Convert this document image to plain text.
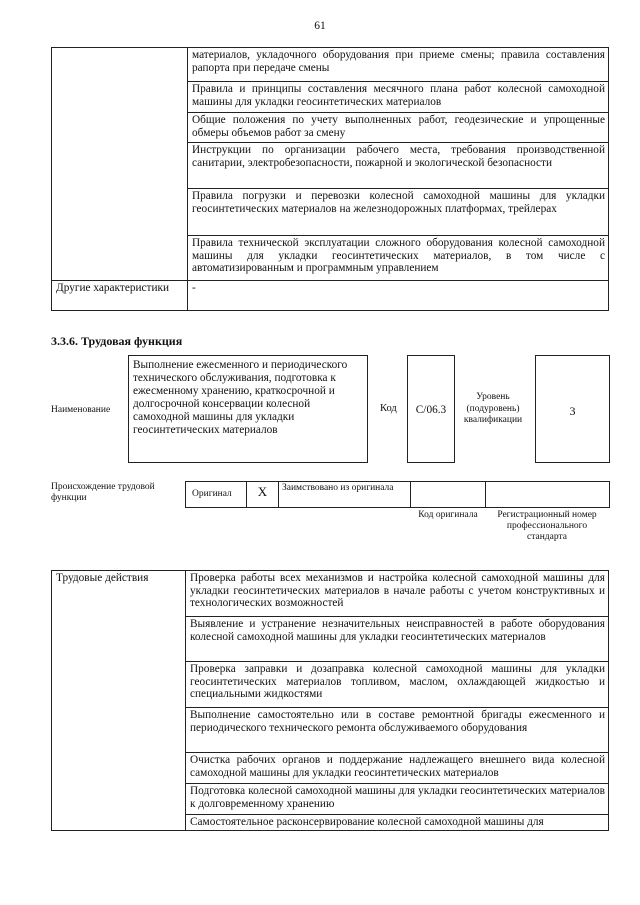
61
	материалов, укладочного оборудования при приеме смены; правила составления рапорта при передаче смены
	Правила и принципы составления месячного плана работ колесной самоходной машины для укладки геосинтетических материалов
	Общие положения по учету выполненных работ, геодезические и упрощенные обмеры объемов работ за смену
	Инструкции по организации рабочего места, требования производственной санитарии, электробезопасности, пожарной и экологической безопасности
	Правила погрузки и перевозки колесной самоходной машины для укладки геосинтетических материалов на железнодорожных платформах, трейлерах
	Правила технической эксплуатации сложного оборудования колесной самоходной машины для укладки геосинтетических материалов, в том числе с автоматизированным и программным управлением
Другие характеристики	-
3.3.6. Трудовая функция
Наименование
Выполнение ежесменного и периодического технического обслуживания, подготовка к ежесменному хранению, краткосрочной и долгосрочной консервации колесной самоходной машины для укладки геосинтетических материалов
Код	C/06.3
Уровень (подуровень) квалификации
3
Происхождение трудовой функции	Оригинал	X	Заимствовано из оригинала
Код оригинала	Регистрационный номер профессионального стандарта
Трудовые действия	Проверка работы всех механизмов и настройка колесной самоходной машины для укладки геосинтетических материалов в начале работы с учетом конструктивных и технологических возможностей
Выявление и устранение незначительных неисправностей в работе оборудования колесной самоходной машины для укладки геосинтетических материалов
Проверка заправки и дозаправка колесной самоходной машины для укладки геосинтетических материалов топливом, маслом, охлаждающей жидкостью и специальными жидкостями
Выполнение самостоятельно или в составе ремонтной бригады ежесменного и периодического технического ремонта обслуживаемого оборудования
Очистка рабочих органов и поддержание надлежащего внешнего вида колесной самоходной машины для укладки геосинтетических материалов
Подготовка колесной самоходной машины для укладки геосинтетических материалов к долговременному хранению
Самостоятельное расконсервирование колесной самоходной машины для
